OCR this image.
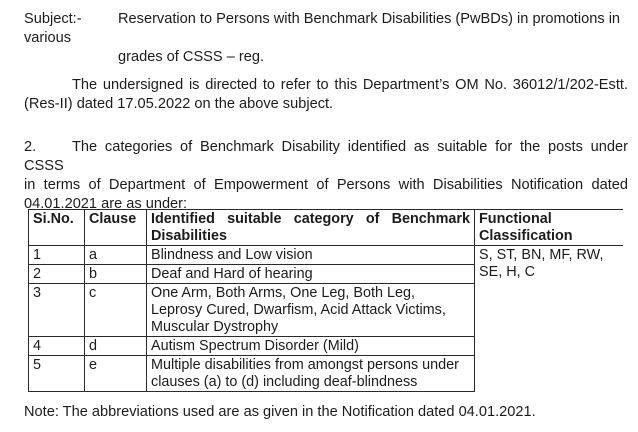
Subject:- Reservation to Persons with Benchmark Disabilities (PwBDs) in promotions in various
grades of CSSS – reg.
The undersigned is directed to refer to this Department’s OM No. 36012/1/202-Estt.(Res-II) dated 17.05.2022 on the above subject.
2. The categories of Benchmark Disability identified as suitable for the posts under CSSS
in terms of Department of Empowerment of Persons with Disabilities Notification dated
04.01.2021 are as under:
Si.No.	Clause	Identified suitable category of Benchmark Disabilities	Functional Classification
1	a	Blindness and Low vision	S, ST, BN, MF, RW, SE, H, C
2	b	Deaf and Hard of hearing	
3	c	One Arm, Both Arms, One Leg, Both Leg, Leprosy Cured, Dwarfism, Acid Attack Victims, Muscular Dystrophy	
4	d	Autism Spectrum Disorder (Mild)	
5	e	Multiple disabilities from amongst persons under clauses (a) to (d) including deaf-blindness	
Note: The abbreviations used are as given in the Notification dated 04.01.2021.
